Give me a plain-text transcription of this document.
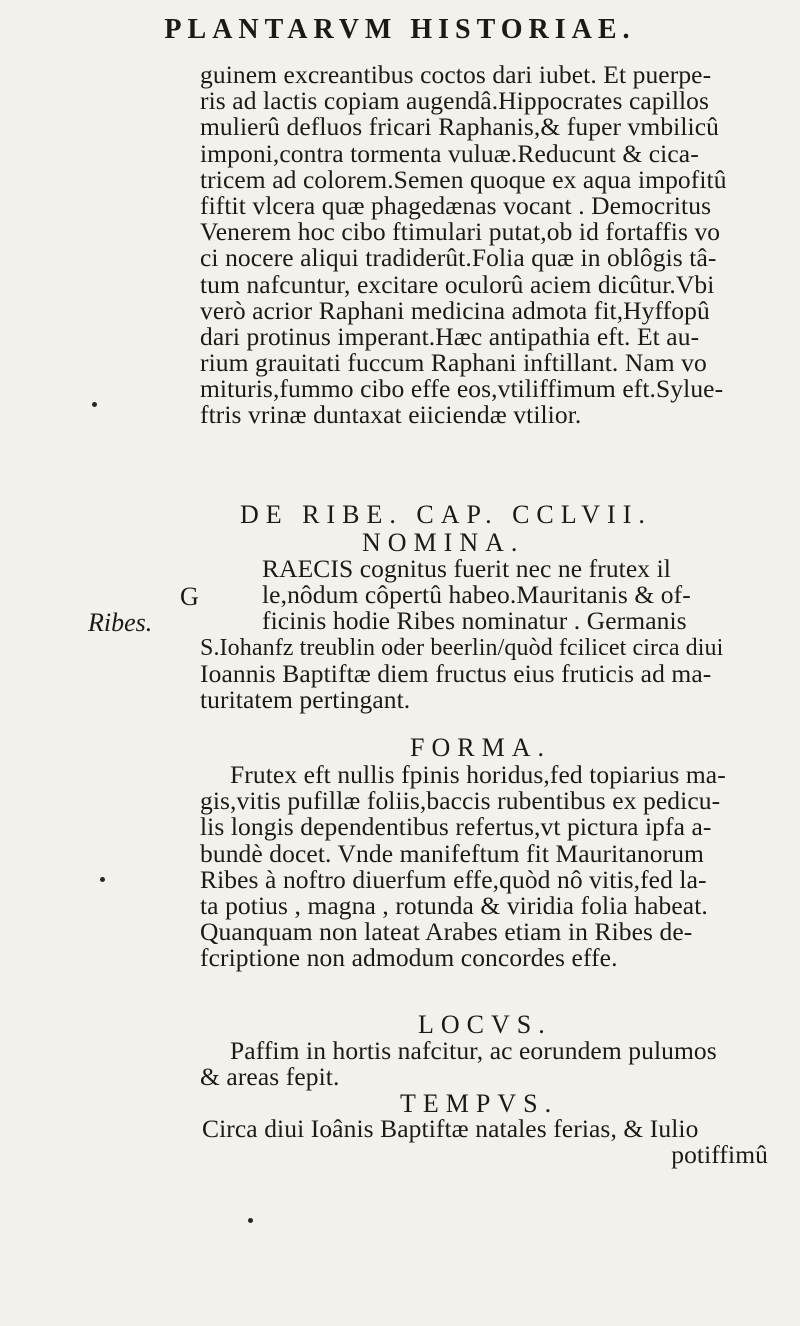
PLANTARVM HISTORIAE.
guinem excreantibus coctos dari iubet. Et puerpe-
ris ad lactis copiam augendâ.Hippocrates capillos
mulierû defluos fricari Raphanis,& fuper vmbilicû
imponi,contra tormenta vuluæ.Reducunt & cica-
tricem ad colorem.Semen quoque ex aqua impofitû
fiftit vlcera quæ phagedænas vocant . Democritus
Venerem hoc cibo ftimulari putat,ob id fortaffis vo
ci nocere aliqui tradiderût.Folia quæ in oblôgis tâ-
tum nafcuntur, excitare oculorû aciem dicûtur.Vbi
verò acrior Raphani medicina admota fit,Hyffopû
dari protinus imperant.Hæc antipathia eft. Et au-
rium grauitati fuccum Raphani inftillant. Nam vo
mituris,fummo cibo effe eos,vtiliffimum eft.Sylue-
ftris vrinæ duntaxat eiiciendæ vtilior.
DE RIBE. CAP. CCLVII.
NOMINA.
G
Ribes.
RAECIS cognitus fuerit nec ne frutex il
le,nôdum côpertû habeo.Mauritanis & of-
ficinis hodie Ribes nominatur . Germanis
S.Iohanfz treublin oder beerlin/quòd fcilicet circa diui
Ioannis Baptiftæ diem fructus eius fruticis ad ma-
turitatem pertingant.
FORMA.
Frutex eft nullis fpinis horidus,fed topiarius ma-
gis,vitis pufillæ foliis,baccis rubentibus ex pedicu-
lis longis dependentibus refertus,vt pictura ipfa a-
bundè docet. Vnde manifeftum fit Mauritanorum
Ribes à noftro diuerfum effe,quòd nô vitis,fed la-
ta potius , magna , rotunda & viridia folia habeat.
Quanquam non lateat Arabes etiam in Ribes de-
fcriptione non admodum concordes effe.
LOCVS.
Paffim in hortis nafcitur, ac eorundem pulumos
& areas fepit.
TEMPVS.
Circa diui Ioânis Baptiftæ natales ferias, & Iulio
potiffimû
